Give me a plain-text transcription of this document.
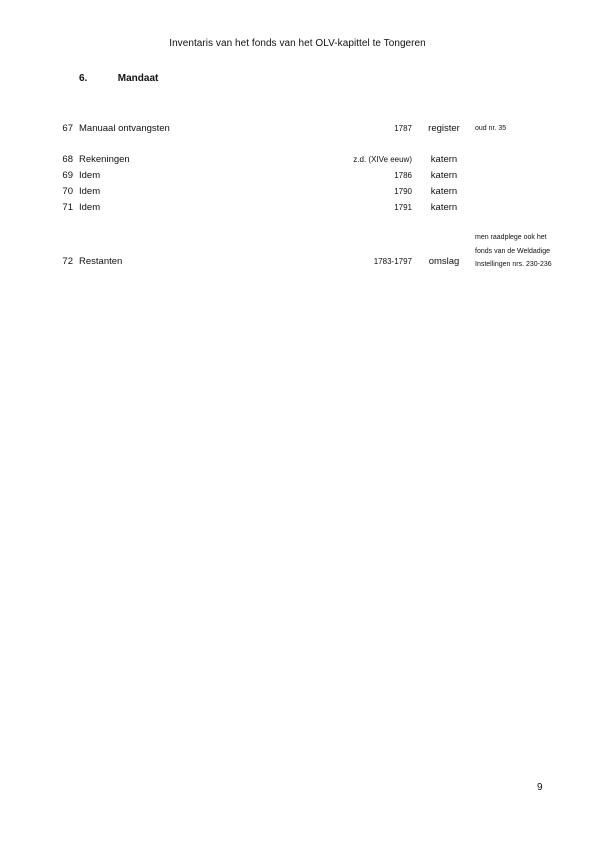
Inventaris van het fonds van het OLV-kapittel te Tongeren
6.	Mandaat
67 Manuaal ontvangsten	1787	register	oud nr. 35
68 Rekeningen	z.d. (XIVe eeuw)	katern
69 Idem	1786	katern
70 Idem	1790	katern
71 Idem	1791	katern
72 Restanten	1783-1797	omslag
men raadplege ook het
fonds van de Weldadige
Instellingen nrs. 230-236
9
